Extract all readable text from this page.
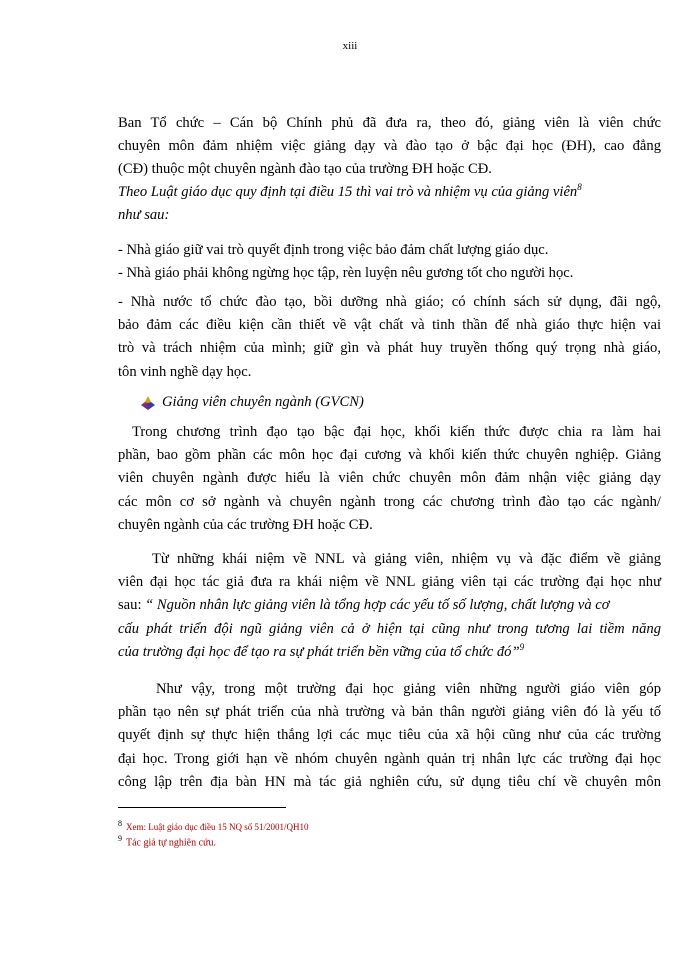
xiii
Ban Tổ chức – Cán bộ Chính phủ đã đưa ra, theo đó, giảng viên là viên chức
chuyên môn đảm nhiệm việc giảng dạy và đào tạo ở bậc đại học (ĐH), cao đẳng
(CĐ) thuộc một chuyên ngành đào tạo của trường ĐH hoặc CĐ.
Theo Luật giáo dục quy định tại điều 15 thì vai trò và nhiệm vụ của giảng viên$^8$
như sau:
- Nhà giáo giữ vai trò quyết định trong việc bảo đảm chất lượng giáo dục.
- Nhà giáo phải không ngừng học tập, rèn luyện nêu gương tốt cho người học.
- Nhà nước tổ chức đào tạo, bồi dưỡng nhà giáo; có chính sách sử dụng, đãi ngộ,
bảo đảm các điều kiện cần thiết về vật chất và tinh thần để nhà giáo thực hiện vai
trò và trách nhiệm của mình; giữ gìn và phát huy truyền thống quý trọng nhà giáo,
tôn vinh nghề dạy học.
Giảng viên chuyên ngành (GVCN)
Trong chương trình đạo tạo bậc đại học, khối kiến thức được chia ra làm hai
phần, bao gồm phần các môn học đại cương và khối kiến thức chuyên nghiệp. Giảng
viên chuyên ngành được hiểu là viên chức chuyên môn đảm nhận việc giảng dạy
các môn cơ sở ngành và chuyên ngành trong các chương trình đào tạo các ngành/
chuyên ngành của các trường ĐH hoặc CĐ.
Từ những khái niệm về NNL và giảng viên, nhiệm vụ và đặc điểm về giảng
viên đại học tác giả đưa ra khái niệm về NNL giảng viên tại các trường đại học như
sau: “ Nguồn nhân lực giảng viên là tổng hợp các yếu tố số lượng, chất lượng và cơ
cấu phát triển đội ngũ giảng viên cả ở hiện tại cũng như trong tương lai tiềm năng
của trường đại học để tạo ra sự phát triển bền vững của tổ chức đó”$^9$
Như vậy, trong một trường đại học giảng viên những người giáo viên góp
phần tạo nên sự phát triển của nhà trường và bản thân người giảng viên đó là yếu tố
quyết định sự thực hiện thắng lợi các mục tiêu của xã hội cũng như của các trường
đại học. Trong giới hạn về nhóm chuyên ngành quản trị nhân lực các trường đại học
công lập trên địa bàn HN mà tác giả nghiên cứu, sử dụng tiêu chí về chuyên môn
8 Xem: Luật giáo dục điều 15 NQ số 51/2001/QH10
$^9$ Tác giả tự nghiên cứu.
